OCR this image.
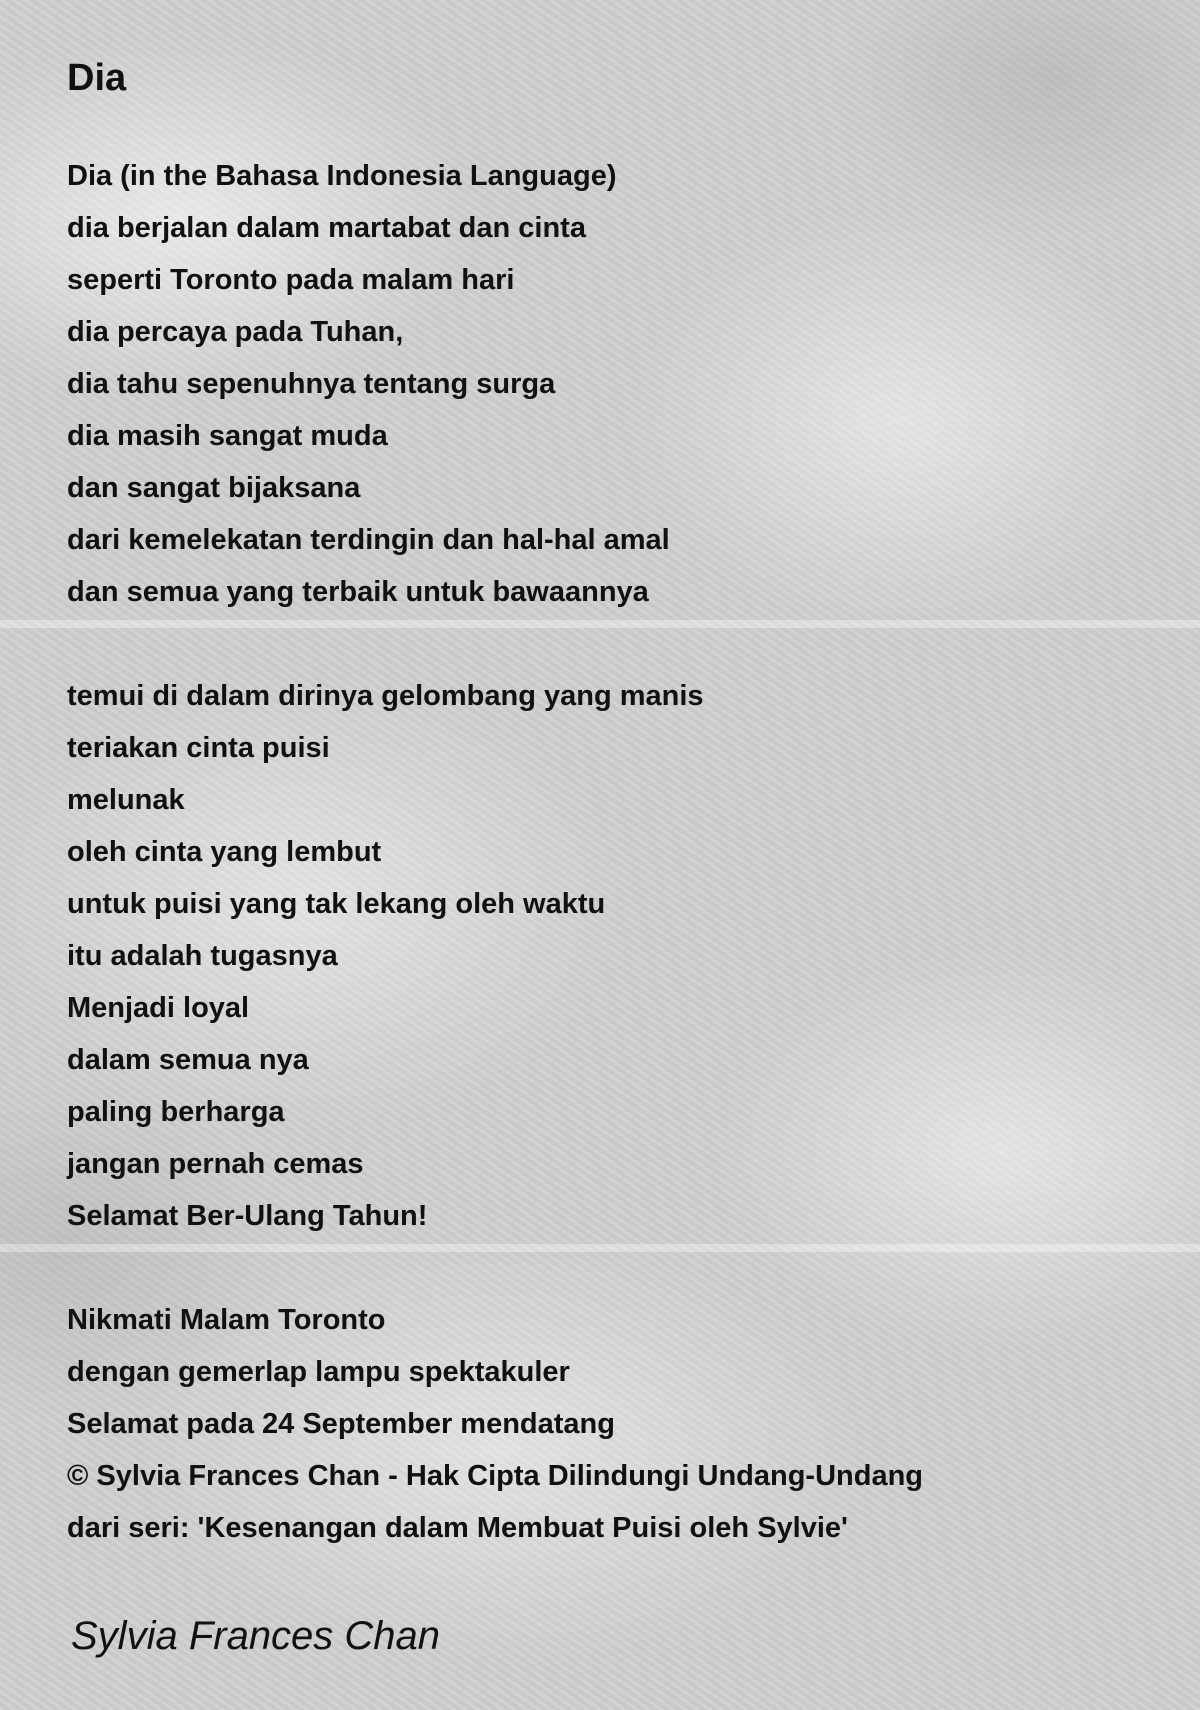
Dia
Dia (in the Bahasa Indonesia Language)
dia berjalan dalam martabat dan cinta
seperti Toronto pada malam hari
dia percaya pada Tuhan,
dia tahu sepenuhnya tentang surga
dia masih sangat muda
dan sangat bijaksana
dari kemelekatan terdingin dan hal-hal amal
dan semua yang terbaik untuk bawaannya
temui di dalam dirinya gelombang yang manis
teriakan cinta puisi
melunak
oleh cinta yang lembut
untuk puisi yang tak lekang oleh waktu
itu adalah tugasnya
Menjadi loyal
dalam semua nya
paling berharga
jangan pernah cemas
Selamat Ber-Ulang Tahun!
Nikmati Malam Toronto
dengan gemerlap lampu spektakuler
Selamat pada 24 September mendatang
© Sylvia Frances Chan - Hak Cipta Dilindungi Undang-Undang
dari seri: 'Kesenangan dalam Membuat Puisi oleh Sylvie'
Sylvia Frances Chan
